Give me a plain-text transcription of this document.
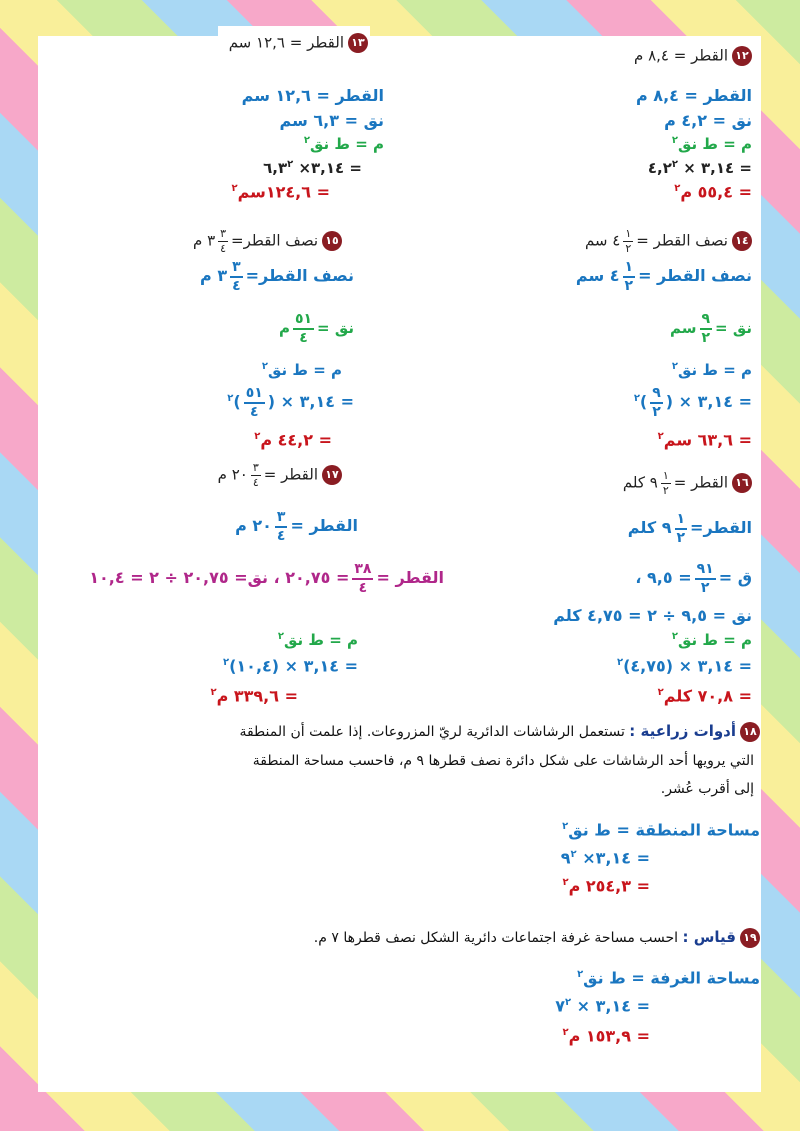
١٢القطر = ٨,٤ م
القطر = ٨,٤ م
نق = ٤,٢ م
م = ط نق$^٢$
= ٣,١٤ × $٤,٢^٢$
= ٥٥,٤ م$^٢$
١٣القطر = ١٢,٦ سم
القطر = ١٢,٦ سم
نق = ٦,٣ سم
م = ط نق$^٢$
= ٣,١٤× $٦,٣^٢$
= ١٢٤,٦سم$^٢$
١٤نصف القطر =
$\frac{١}{٢}$
٤ سم
نصف القطر =
$\frac{١}{٢}$
٤ سم
نق =
$\frac{٩}{٢}$
سم
م = ط نق$^٢$
= ٣,١٤ × (
$\frac{٩}{٢}$
)$^٢$
= ٦٣,٦ سم$^٢$
١٥نصف القطر=
$\frac{٣}{٤}$
٣ م
نصف القطر=
$\frac{٣}{٤}$
٣ م
نق =
$\frac{٥١}{٤}$
م
م = ط نق$^٢$
= ٣,١٤ × (
$\frac{٥١}{٤}$
)$^٢$
= ٤٤,٢ م$^٢$
١٦القطر =
$\frac{١}{٢}$
٩ كلم
القطر=
$\frac{١}{٢}$
٩ كلم
ق =
$\frac{٩١}{٢}$
= ٩,٥ ،
نق = ٩,٥ ÷ ٢ = ٤,٧٥ كلم
م = ط نق$^٢$
= ٣,١٤ × (٤,٧٥)$^٢$
= ٧٠,٨ كلم$^٢$
١٧القطر =
$\frac{٣}{٤}$
٢٠ م
القطر =
$\frac{٣}{٤}$
٢٠ م
القطر =
$\frac{٣٨}{٤}$
= ٢٠,٧٥ ، نق= ٢٠,٧٥ ÷ ٢ = ١٠,٤
م = ط نق$^٢$
= ٣,١٤ × (١٠,٤)$^٢$
= ٣٣٩,٦ م$^٢$
١٨أدوات زراعية : تستعمل الرشاشات الدائرية لريّ المزروعات. إذا علمت أن المنطقة
التي يرويها أحد الرشاشات على شكل دائرة نصف قطرها ٩ م، فاحسب مساحة المنطقة
إلى أقرب عُشر.
مساحة المنطقة = ط نق$^٢$
= ٣,١٤× $٩^٢$
= ٢٥٤,٣ م$^٢$
١٩قياس : احسب مساحة غرفة اجتماعات دائرية الشكل نصف قطرها ٧ م.
مساحة الغرفة = ط نق$^٢$
= ٣,١٤ × $٧^٢$
= ١٥٣,٩ م$^٢$
